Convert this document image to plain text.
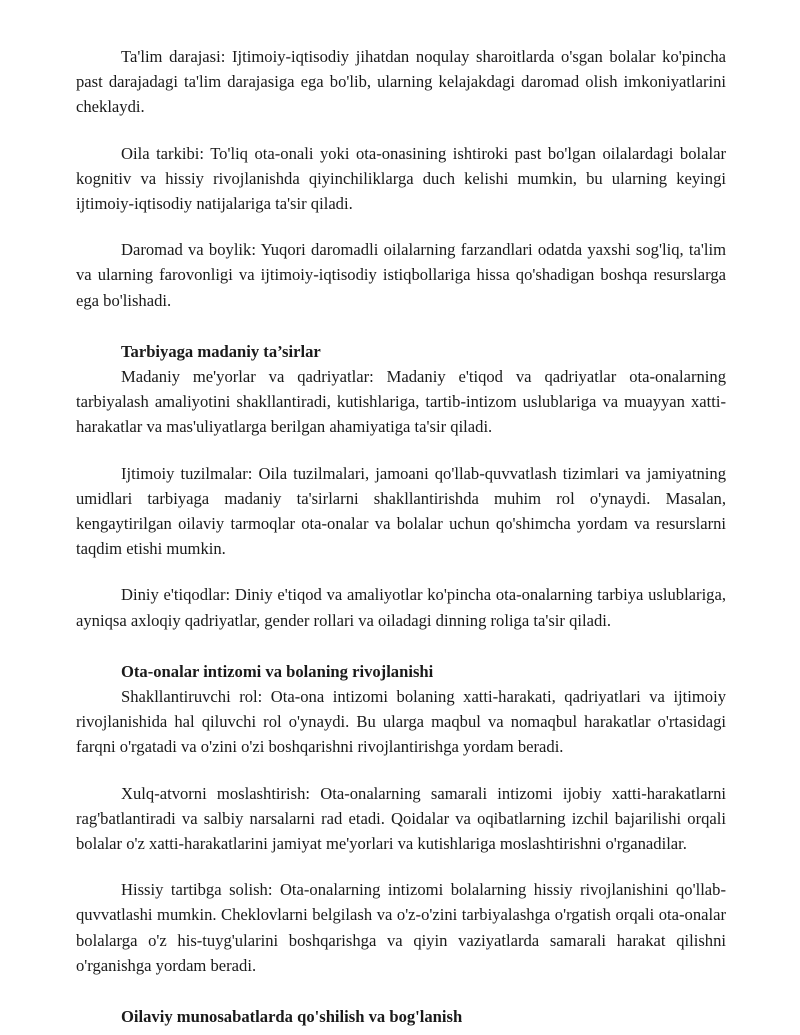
Ta'lim darajasi: Ijtimoiy-iqtisodiy jihatdan noqulay sharoitlarda o'sgan bolalar ko'pincha past darajadagi ta'lim darajasiga ega bo'lib, ularning kelajakdagi daromad olish imkoniyatlarini cheklaydi.

Oila tarkibi: To'liq ota-onali yoki ota-onasining ishtiroki past bo'lgan oilalardagi bolalar kognitiv va hissiy rivojlanishda qiyinchiliklarga duch kelishi mumkin, bu ularning keyingi ijtimoiy-iqtisodiy natijalariga ta'sir qiladi.

Daromad va boylik: Yuqori daromadli oilalarning farzandlari odatda yaxshi sog'liq, ta'lim va ularning farovonligi va ijtimoiy-iqtisodiy istiqbollariga hissa qo'shadigan boshqa resurslarga ega bo'lishadi.

Tarbiyaga madaniy ta’sirlar

Madaniy me'yorlar va qadriyatlar: Madaniy e'tiqod va qadriyatlar ota-onalarning tarbiyalash amaliyotini shakllantiradi, kutishlariga, tartib-intizom uslublariga va muayyan xatti-harakatlar va mas'uliyatlarga berilgan ahamiyatiga ta'sir qiladi.

Ijtimoiy tuzilmalar: Oila tuzilmalari, jamoani qo'llab-quvvatlash tizimlari va jamiyatning umidlari tarbiyaga madaniy ta'sirlarni shakllantirishda muhim rol o'ynaydi. Masalan, kengaytirilgan oilaviy tarmoqlar ota-onalar va bolalar uchun qo'shimcha yordam va resurslarni taqdim etishi mumkin.

Diniy e'tiqodlar: Diniy e'tiqod va amaliyotlar ko'pincha ota-onalarning tarbiya uslublariga, ayniqsa axloqiy qadriyatlar, gender rollari va oiladagi dinning roliga ta'sir qiladi.

Ota-onalar intizomi va bolaning rivojlanishi

Shakllantiruvchi rol: Ota-ona intizomi bolaning xatti-harakati, qadriyatlari va ijtimoiy rivojlanishida hal qiluvchi rol o'ynaydi. Bu ularga maqbul va nomaqbul harakatlar o'rtasidagi farqni o'rgatadi va o'zini o'zi boshqarishni rivojlantirishga yordam beradi.

Xulq-atvorni moslashtirish: Ota-onalarning samarali intizomi ijobiy xatti-harakatlarni rag'batlantiradi va salbiy narsalarni rad etadi. Qoidalar va oqibatlarning izchil bajarilishi orqali bolalar o'z xatti-harakatlarini jamiyat me'yorlari va kutishlariga moslashtirishni o'rganadilar.

Hissiy tartibga solish: Ota-onalarning intizomi bolalarning hissiy rivojlanishini qo'llab-quvvatlashi mumkin. Cheklovlarni belgilash va o'z-o'zini tarbiyalashga o'rgatish orqali ota-onalar bolalarga o'z his-tuyg'ularini boshqarishga va qiyin vaziyatlarda samarali harakat qilishni o'rganishga yordam beradi.

Oilaviy munosabatlarda qo'shilish va bog'lanish
